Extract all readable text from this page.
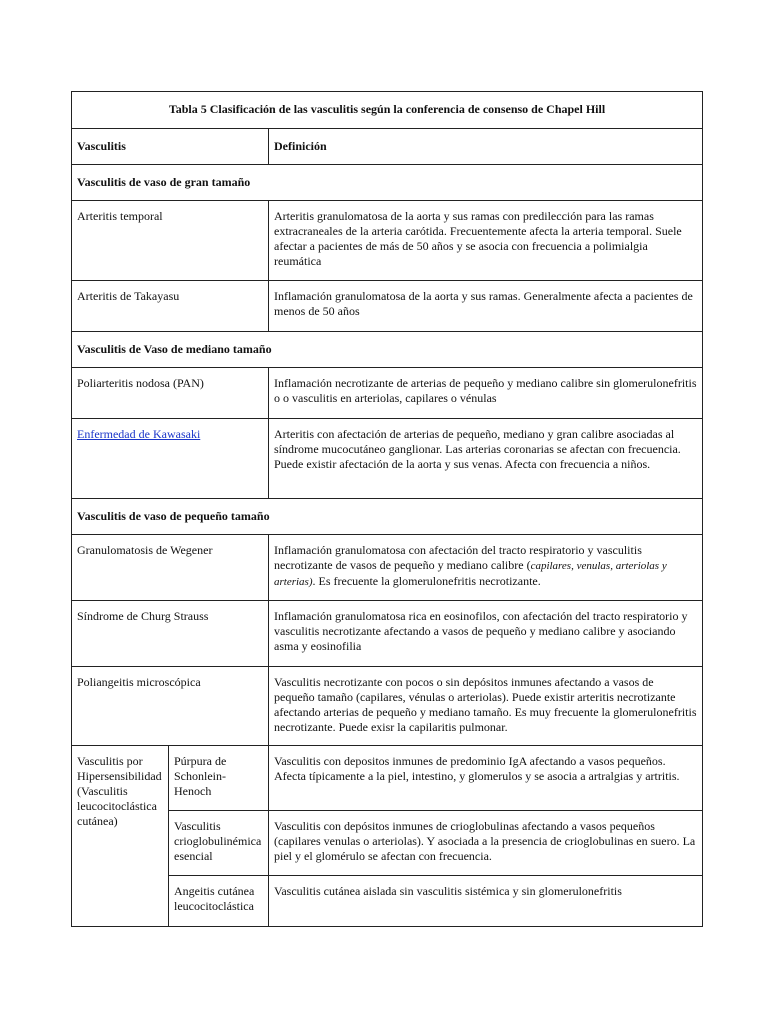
Tabla 5 Clasificación de las vasculitis según la conferencia de consenso de Chapel Hill		
Vasculitis		Definición
Vasculitis de vaso de gran tamaño		
Arteritis temporal		Arteritis granulomatosa de la aorta y sus ramas con predilección para las ramas extracraneales de la arteria carótida. Frecuentemente afecta la arteria temporal. Suele afectar a pacientes de más de 50 años y se asocia con frecuencia a polimialgia reumática
Arteritis de Takayasu		Inflamación granulomatosa de la aorta y sus ramas. Generalmente afecta a pacientes de menos de 50 años
Vasculitis de Vaso de mediano tamaño		
Poliarteritis nodosa (PAN)		Inflamación necrotizante de arterias de pequeño y mediano calibre sin glomerulonefritis o o vasculitis en arteriolas, capilares o vénulas
Enfermedad de Kawasaki		Arteritis con afectación de arterias de pequeño, mediano y gran calibre asociadas al síndrome mucocutáneo ganglionar. Las arterias coronarias se afectan con frecuencia. Puede existir afectación de la aorta y sus venas. Afecta con frecuencia a niños.
Vasculitis de vaso de pequeño tamaño		
Granulomatosis de Wegener		Inflamación granulomatosa con afectación del tracto respiratorio y vasculitis necrotizante de vasos de pequeño y mediano calibre (capilares, venulas, arteriolas y arterias). Es frecuente la glomerulonefritis necrotizante.
Síndrome de Churg Strauss		Inflamación granulomatosa rica en eosinofilos, con afectación del tracto respiratorio y vasculitis necrotizante afectando a vasos de pequeño y mediano calibre y asociando asma y eosinofilia
Poliangeitis microscópica		Vasculitis necrotizante con pocos o sin depósitos inmunes afectando a vasos de pequeño tamaño (capilares, vénulas o arteriolas). Puede existir arteritis necrotizante afectando arterias de pequeño y mediano tamaño. Es muy frecuente la glomerulonefritis necrotizante. Puede exisr la capilaritis pulmonar.
Vasculitis por Hipersensibilidad (Vasculitis leucocitoclástica cutánea)	Púrpura de Schonlein-Henoch	Vasculitis con depositos inmunes de predominio IgA afectando a vasos pequeños. Afecta típicamente a la piel, intestino, y glomerulos y se asocia a artralgias y artritis.
	Vasculitis crioglobulinémica esencial	Vasculitis con depósitos inmunes de crioglobulinas afectando a vasos pequeños (capilares venulas o arteriolas). Y asociada a la presencia de crioglobulinas en suero. La piel y el glomérulo se afectan con frecuencia.
	Angeitis cutánea leucocitoclástica	Vasculitis cutánea aislada sin vasculitis sistémica y sin glomerulonefritis
